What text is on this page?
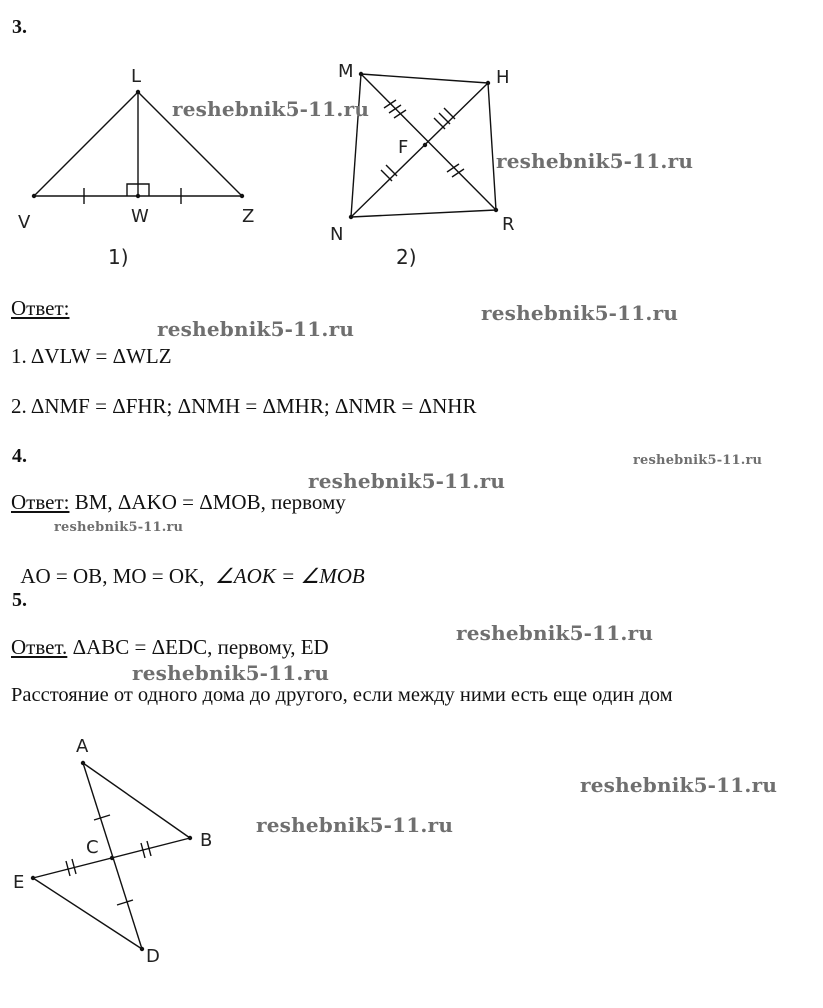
3.
L
V	W	Z
1)
M	H
F
N	R
2)
A
B
C
E
D
Ответ:
1. ΔVLW = ΔWLZ
2. ΔNMF = ΔFHR; ΔNMH = ΔMHR; ΔNMR = ΔNHR
4.
Ответ: BM, ΔAKO = ΔMOB, первому

AO = OB, MO = OK,  ∠AOK = ∠MOB

5.
Ответ. ΔABC = ΔEDC, первому, ED
Расстояние от одного дома до другого, если между ними есть еще один дом
reshebnik5-11.ru
reshebnik5-11.ru
reshebnik5-11.ru
reshebnik5-11.ru
reshebnik5-11.ru
reshebnik5-11.ru
reshebnik5-11.ru
reshebnik5-11.ru
reshebnik5-11.ru
reshebnik5-11.ru
reshebnik5-11.ru
